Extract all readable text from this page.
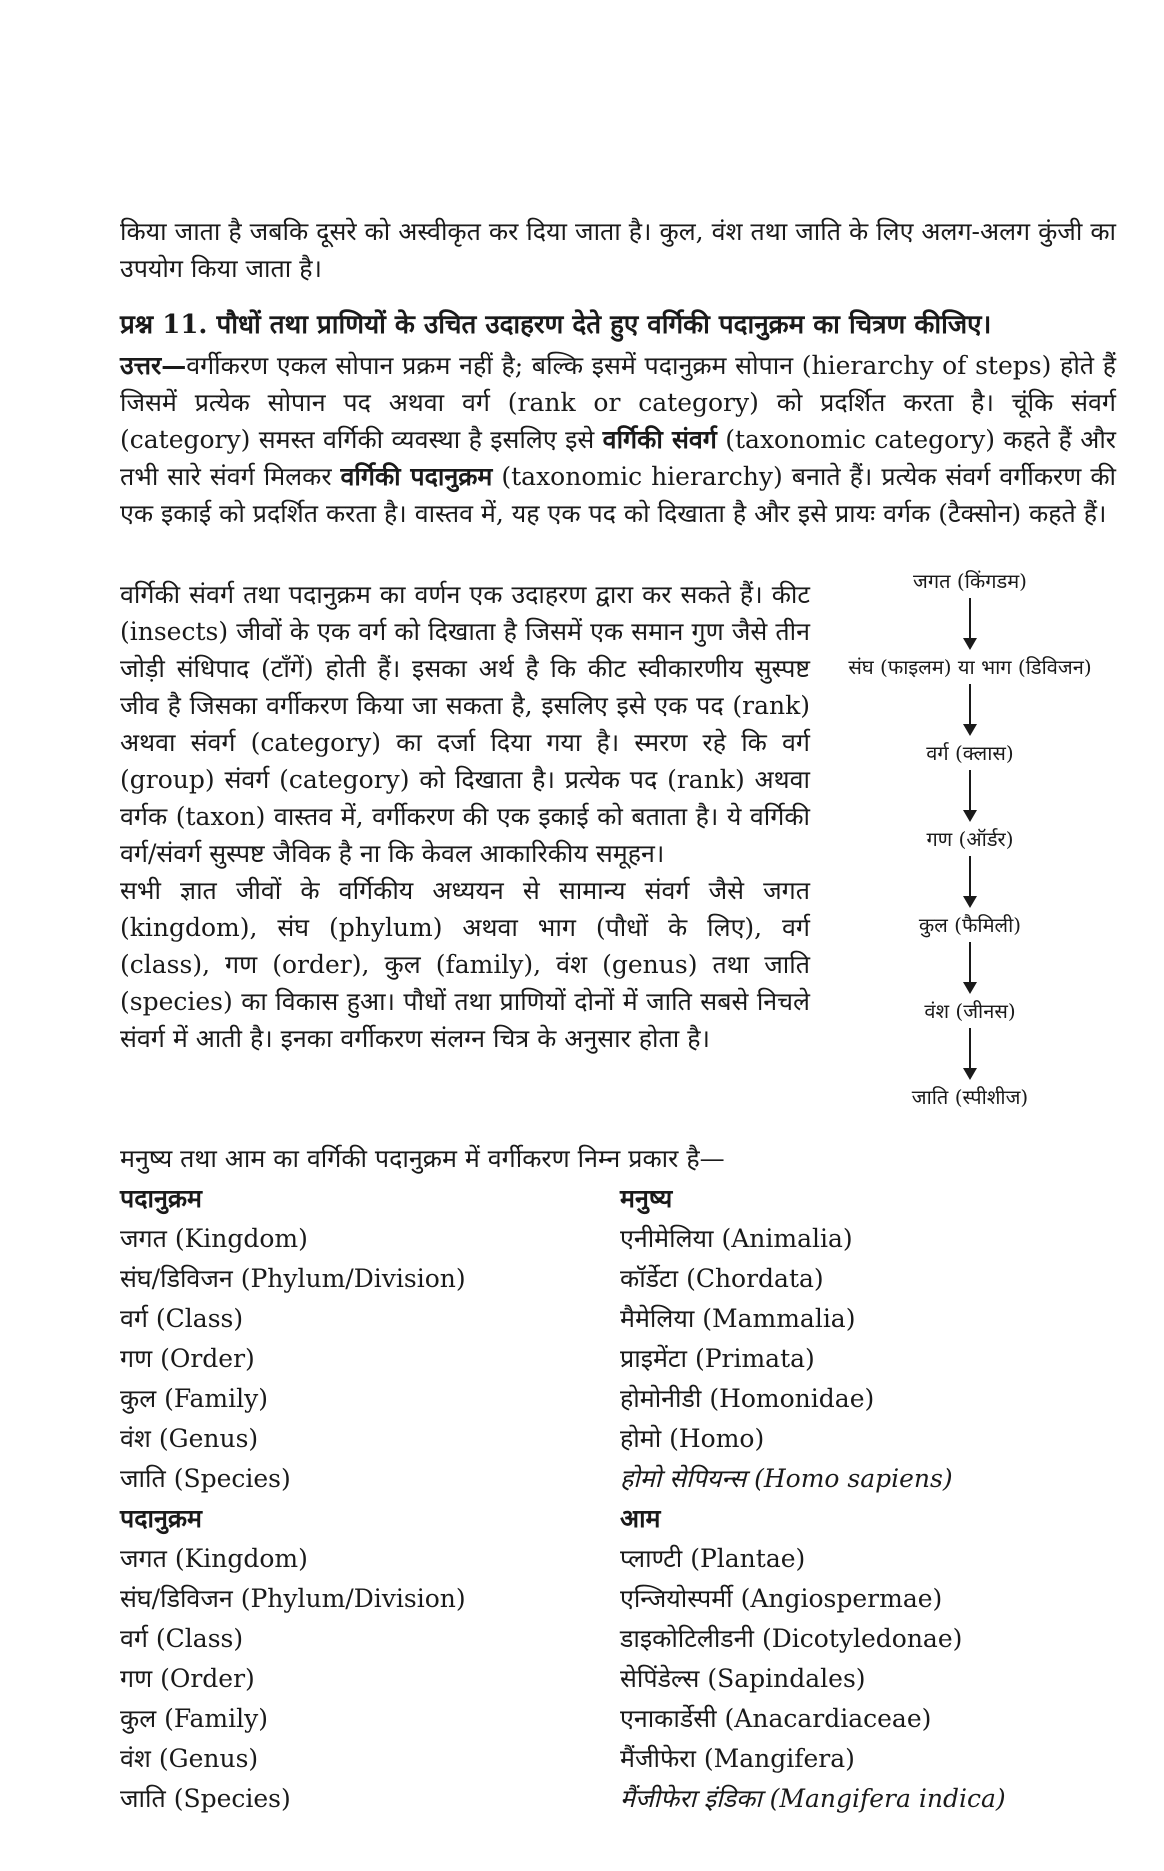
किया जाता है जबकि दूसरे को अस्वीकृत कर दिया जाता है। कुल, वंश तथा जाति के लिए अलग-अलग कुंजी का उपयोग किया जाता है।

प्रश्न 11. पौधों तथा प्राणियों के उचित उदाहरण देते हुए वर्गिकी पदानुक्रम का चित्रण कीजिए।

उत्तर—वर्गीकरण एकल सोपान प्रक्रम नहीं है; बल्कि इसमें पदानुक्रम सोपान (hierarchy of steps) होते हैं जिसमें प्रत्येक सोपान पद अथवा वर्ग (rank or category) को प्रदर्शित करता है। चूंकि संवर्ग (category) समस्त वर्गिकी व्यवस्था है इसलिए इसे वर्गिकी संवर्ग (taxonomic category) कहते हैं और तभी सारे संवर्ग मिलकर वर्गिकी पदानुक्रम (taxonomic hierarchy) बनाते हैं। प्रत्येक संवर्ग वर्गीकरण की एक इकाई को प्रदर्शित करता है। वास्तव में, यह एक पद को दिखाता है और इसे प्रायः वर्गक (टैक्सोन) कहते हैं।

वर्गिकी संवर्ग तथा पदानुक्रम का वर्णन एक उदाहरण द्वारा कर सकते हैं। कीट (insects) जीवों के एक वर्ग को दिखाता है जिसमें एक समान गुण जैसे तीन जोड़ी संधिपाद (टाँगें) होती हैं। इसका अर्थ है कि कीट स्वीकारणीय सुस्पष्ट जीव है जिसका वर्गीकरण किया जा सकता है, इसलिए इसे एक पद (rank) अथवा संवर्ग (category) का दर्जा दिया गया है। स्मरण रहे कि वर्ग (group) संवर्ग (category) को दिखाता है। प्रत्येक पद (rank) अथवा वर्गक (taxon) वास्तव में, वर्गीकरण की एक इकाई को बताता है। ये वर्गिकी वर्ग/संवर्ग सुस्पष्ट जैविक है ना कि केवल आकारिकीय समूहन।

सभी ज्ञात जीवों के वर्गिकीय अध्ययन से सामान्य संवर्ग जैसे जगत (kingdom), संघ (phylum) अथवा भाग (पौधों के लिए), वर्ग (class), गण (order), कुल (family), वंश (genus) तथा जाति (species) का विकास हुआ। पौधों तथा प्राणियों दोनों में जाति सबसे निचले संवर्ग में आती है। इनका वर्गीकरण संलग्न चित्र के अनुसार होता है।

जगत (किंगडम)
संघ (फाइलम) या भाग (डिविजन)
वर्ग (क्लास)
गण (ऑर्डर)
कुल (फैमिली)
वंश (जीनस)
जाति (स्पीशीज)

मनुष्य तथा आम का वर्गिकी पदानुक्रम में वर्गीकरण निम्न प्रकार है—

पदानुक्रम	मनुष्य
जगत (Kingdom)	एनीमेलिया (Animalia)
संघ/डिविजन (Phylum/Division)	कॉर्डेटा (Chordata)
वर्ग (Class)	मैमेलिया (Mammalia)
गण (Order)	प्राइमेंटा (Primata)
कुल (Family)	होमोनीडी (Homonidae)
वंश (Genus)	होमो (Homo)
जाति (Species)	होमो सेपियन्स (Homo sapiens)
पदानुक्रम	आम
जगत (Kingdom)	प्लाण्टी (Plantae)
संघ/डिविजन (Phylum/Division)	एन्जियोस्पर्मी (Angiospermae)
वर्ग (Class)	डाइकोटिलीडनी (Dicotyledonae)
गण (Order)	सेपिंडेल्स (Sapindales)
कुल (Family)	एनाकार्डेसी (Anacardiaceae)
वंश (Genus)	मैंजीफेरा (Mangifera)
जाति (Species)	मैंजीफेरा इंडिका (Mangifera indica)
